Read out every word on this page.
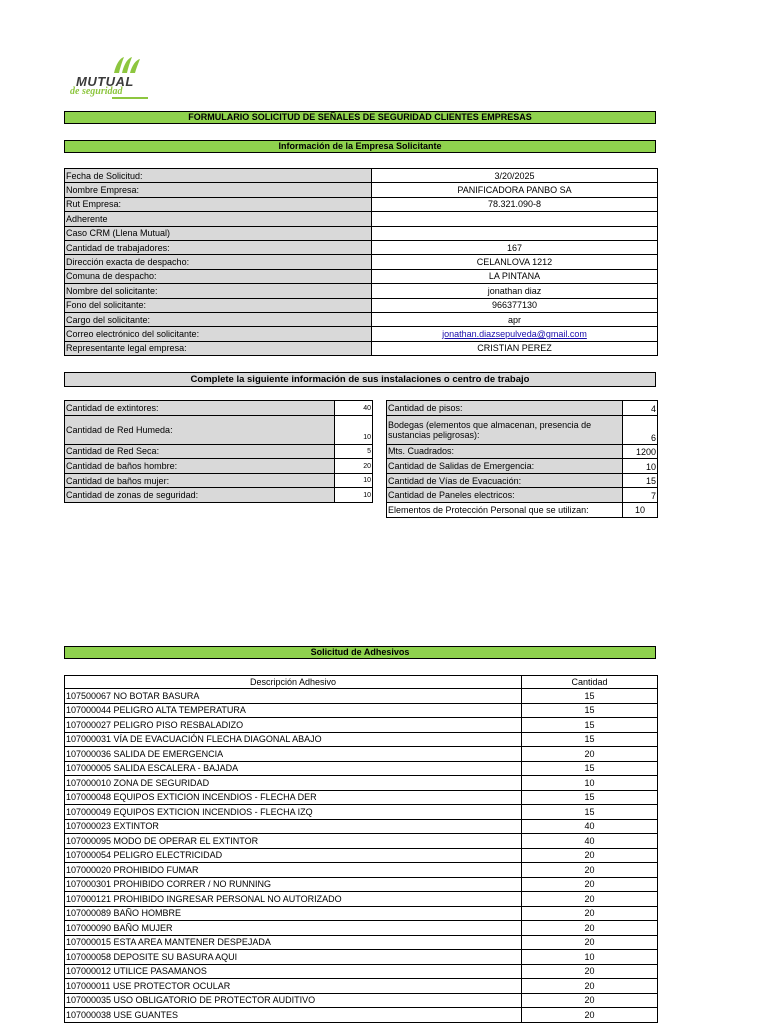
MUTUAL
de seguridad
FORMULARIO SOLICITUD DE SEÑALES DE SEGURIDAD CLIENTES EMPRESAS
Información de la Empresa Solicitante
Fecha de Solicitud:	3/20/2025
Nombre Empresa:	PANIFICADORA PANBO SA
Rut Empresa:	78.321.090-8
Adherente	
Caso CRM (Llena Mutual)	
Cantidad de trabajadores:	167
Dirección exacta de despacho:	CELANLOVA 1212
Comuna de despacho:	LA PINTANA
Nombre del solicitante:	jonathan diaz
Fono del solicitante:	966377130
Cargo del solicitante:	apr
Correo electrónico del solicitante:	jonathan.diazsepulveda@gmail.com
Representante legal empresa:	CRISTIAN PEREZ
Complete la siguiente información de sus instalaciones o centro de trabajo
Cantidad de extintores:	40
Cantidad de Red Humeda:	10
Cantidad de Red Seca:	5
Cantidad de baños hombre:	20
Cantidad de baños mujer:	10
Cantidad de zonas de seguridad:	10
Cantidad de pisos:	4
Bodegas (elementos que almacenan, presencia de sustancias peligrosas):	6
Mts. Cuadrados:	1200
Cantidad de Salidas de Emergencia:	10
Cantidad de Vías de Evacuación:	15
Cantidad de Paneles electricos:	7
Elementos de Protección Personal que se utilizan:	10
Solicitud de Adhesivos
Descripción Adhesivo	Cantidad
107500067 NO BOTAR BASURA	15
107000044 PELIGRO ALTA TEMPERATURA	15
107000027 PELIGRO PISO RESBALADIZO	15
107000031 VÍA DE EVACUACIÓN FLECHA DIAGONAL ABAJO	15
107000036 SALIDA DE EMERGENCIA	20
107000005 SALIDA ESCALERA - BAJADA	15
107000010 ZONA DE SEGURIDAD	10
107000048 EQUIPOS EXTICION INCENDIOS - FLECHA DER	15
107000049 EQUIPOS EXTICION INCENDIOS - FLECHA IZQ	15
107000023 EXTINTOR	40
107000095 MODO DE OPERAR EL EXTINTOR	40
107000054 PELIGRO ELECTRICIDAD	20
107000020 PROHIBIDO FUMAR	20
107000301 PROHIBIDO CORRER / NO RUNNING	20
107000121 PROHIBIDO INGRESAR PERSONAL NO AUTORIZADO	20
107000089 BAÑO HOMBRE	20
107000090 BAÑO MUJER	20
107000015 ESTA AREA MANTENER DESPEJADA	20
107000058 DEPOSITE SU BASURA AQUI	10
107000012 UTILICE PASAMANOS	20
107000011 USE PROTECTOR OCULAR	20
107000035 USO OBLIGATORIO DE PROTECTOR AUDITIVO	20
107000038 USE GUANTES	20
